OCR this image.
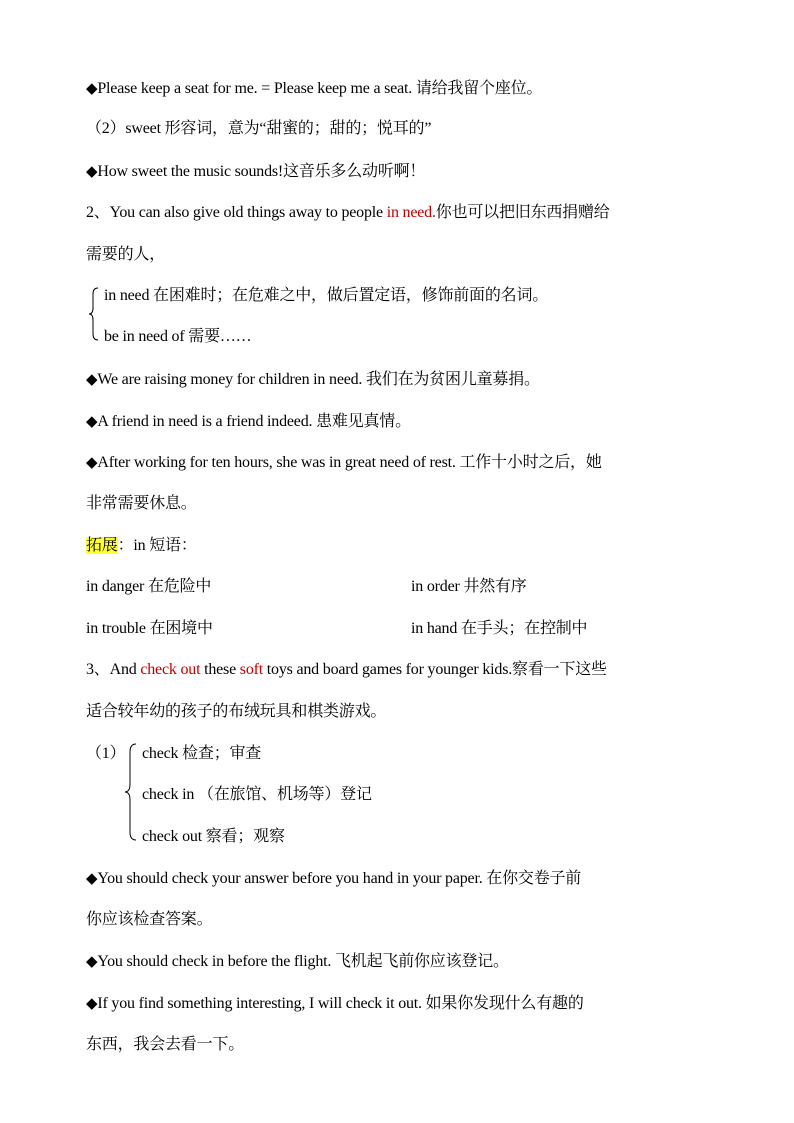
◆Please keep a seat for me. = Please keep me a seat. 请给我留个座位。
（2）sweet 形容词，意为“甜蜜的；甜的；悦耳的”
◆How sweet the music sounds!这音乐多么动听啊！
2、You can also give old things away to people in need.你也可以把旧东西捐赠给
需要的人，
in need 在困难时；在危难之中，做后置定语，修饰前面的名词。
be in need of 需要……
◆We are raising money for children in need. 我们在为贫困儿童募捐。
◆A friend in need is a friend indeed. 患难见真情。
◆After working for ten hours, she was in great need of rest. 工作十小时之后，她
非常需要休息。
拓展：in 短语：
in danger 在危险中	in order 井然有序
in trouble 在困境中	in hand 在手头；在控制中
3、And check out these soft toys and board games for younger kids.察看一下这些
适合较年幼的孩子的布绒玩具和棋类游戏。
（1） check 检查；审查
check in （在旅馆、机场等）登记
check out 察看；观察
◆You should check your answer before you hand in your paper. 在你交卷子前
你应该检查答案。
◆You should check in before the flight. 飞机起飞前你应该登记。
◆If you find something interesting, I will check it out. 如果你发现什么有趣的
东西，我会去看一下。
